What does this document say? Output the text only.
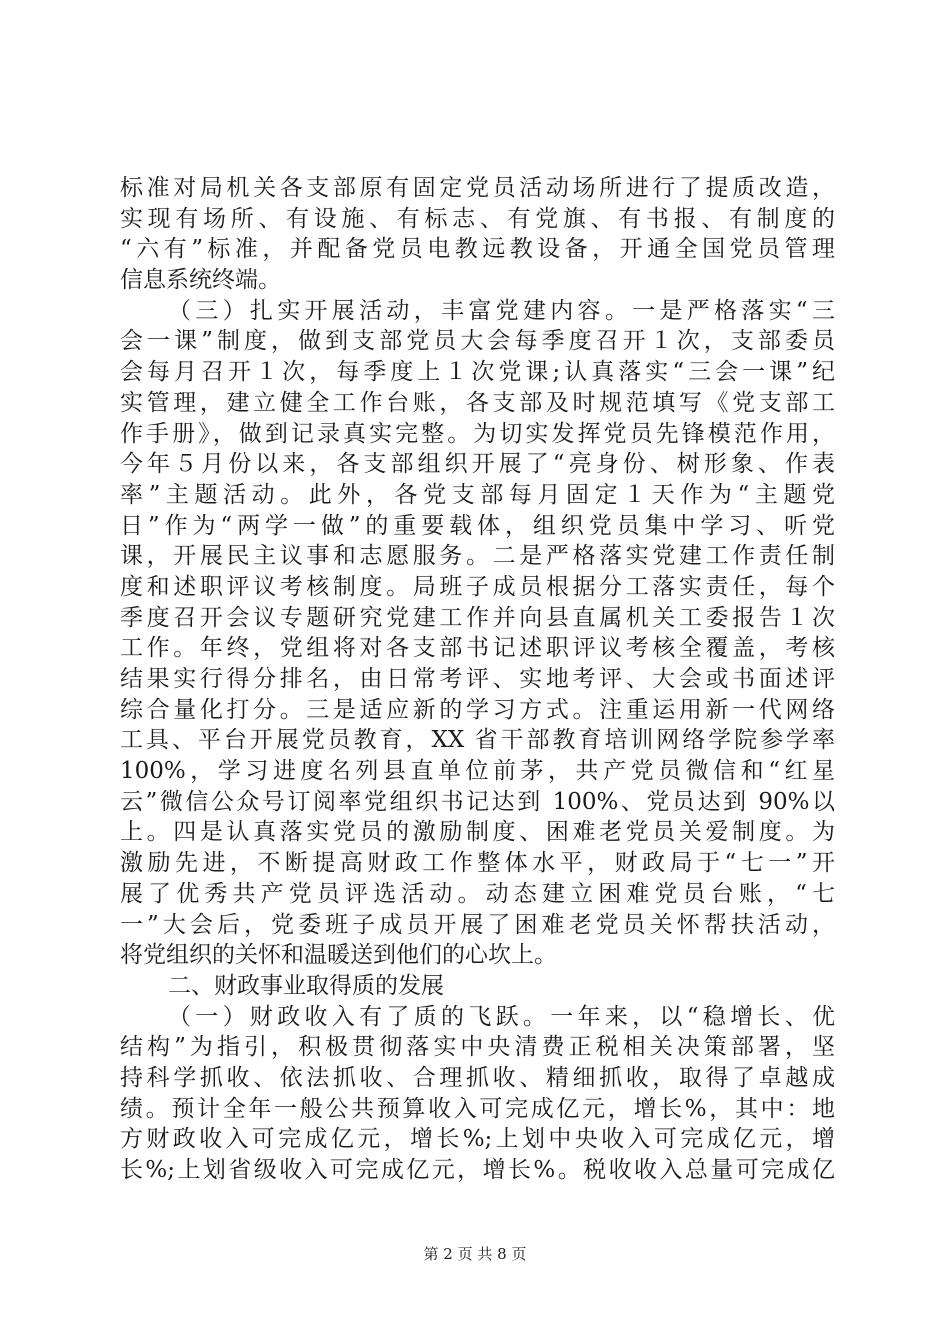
标准对局机关各支部原有固定党员活动场所进行了提质改造，
实现有场所、有设施、有标志、有党旗、有书报、有制度的
“六有”标准，并配备党员电教远教设备，开通全国党员管理
信息系统终端。
（三）扎实开展活动，丰富党建内容。一是严格落实“三
会一课”制度，做到支部党员大会每季度召开１次，支部委员
会每月召开１次，每季度上１次党课;认真落实“三会一课”纪
实管理，建立健全工作台账，各支部及时规范填写《党支部工
作手册》，做到记录真实完整。为切实发挥党员先锋模范作用，
今年５月份以来，各支部组织开展了“亮身份、树形象、作表
率”主题活动。此外，各党支部每月固定１天作为“主题党
日”作为“两学一做”的重要载体，组织党员集中学习、听党
课，开展民主议事和志愿服务。二是严格落实党建工作责任制
度和述职评议考核制度。局班子成员根据分工落实责任，每个
季度召开会议专题研究党建工作并向县直属机关工委报告１次
工作。年终，党组将对各支部书记述职评议考核全覆盖，考核
结果实行得分排名，由日常考评、实地考评、大会或书面述评
综合量化打分。三是适应新的学习方式。注重运用新一代网络
工具、平台开展党员教育，XX 省干部教育培训网络学院参学率
100%，学习进度名列县直单位前茅，共产党员微信和“红星
云”微信公众号订阅率党组织书记达到 100%、党员达到 90%以
上。四是认真落实党员的激励制度、困难老党员关爱制度。为
激励先进，不断提高财政工作整体水平，财政局于“七一”开
展了优秀共产党员评选活动。动态建立困难党员台账，“七
一”大会后，党委班子成员开展了困难老党员关怀帮扶活动，
将党组织的关怀和温暖送到他们的心坎上。
二、财政事业取得质的发展
（一）财政收入有了质的飞跃。一年来，以“稳增长、优
结构”为指引，积极贯彻落实中央清费正税相关决策部署，坚
持科学抓收、依法抓收、合理抓收、精细抓收，取得了卓越成
绩。预计全年一般公共预算收入可完成亿元，增长%，其中：地
方财政收入可完成亿元，增长%;上划中央收入可完成亿元，增
长%;上划省级收入可完成亿元，增长%。税收收入总量可完成亿
第 2 页 共 8 页
